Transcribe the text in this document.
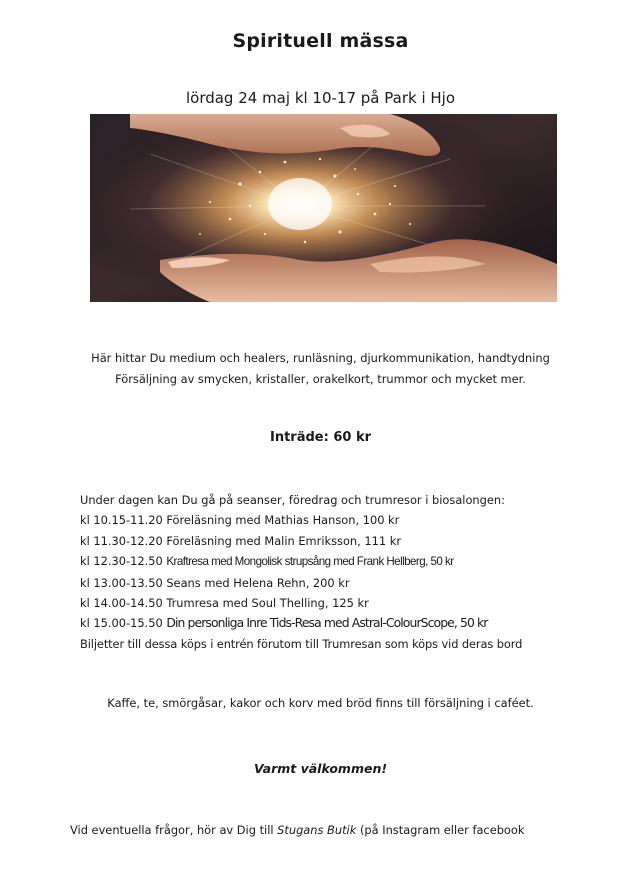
Spirituell mässa
lördag 24 maj kl 10-17 på Park i Hjo
Här hittar Du medium och healers, runläsning, djurkommunikation, handtydning
Försäljning av smycken, kristaller, orakelkort, trummor och mycket mer.
Inträde: 60 kr
Under dagen kan Du gå på seanser, föredrag och trumresor i biosalongen:
kl 10.15-11.20 Föreläsning med Mathias Hanson, 100 kr
kl 11.30-12.20 Föreläsning med Malin Emriksson, 111 kr
kl 12.30-12.50 Kraftresa med Mongolisk strupsång med Frank Hellberg, 50 kr
kl 13.00-13.50 Seans med Helena Rehn, 200 kr
kl 14.00-14.50 Trumresa med Soul Thelling, 125 kr
kl 15.00-15.50 Din personliga Inre Tids-Resa med Astral-ColourScope, 50 kr
Biljetter till dessa köps i entrén förutom till Trumresan som köps vid deras bord
Kaffe, te, smörgåsar, kakor och korv med bröd finns till försäljning i caféet.
Varmt välkommen!
Vid eventuella frågor, hör av Dig till Stugans Butik (på Instagram eller facebook
